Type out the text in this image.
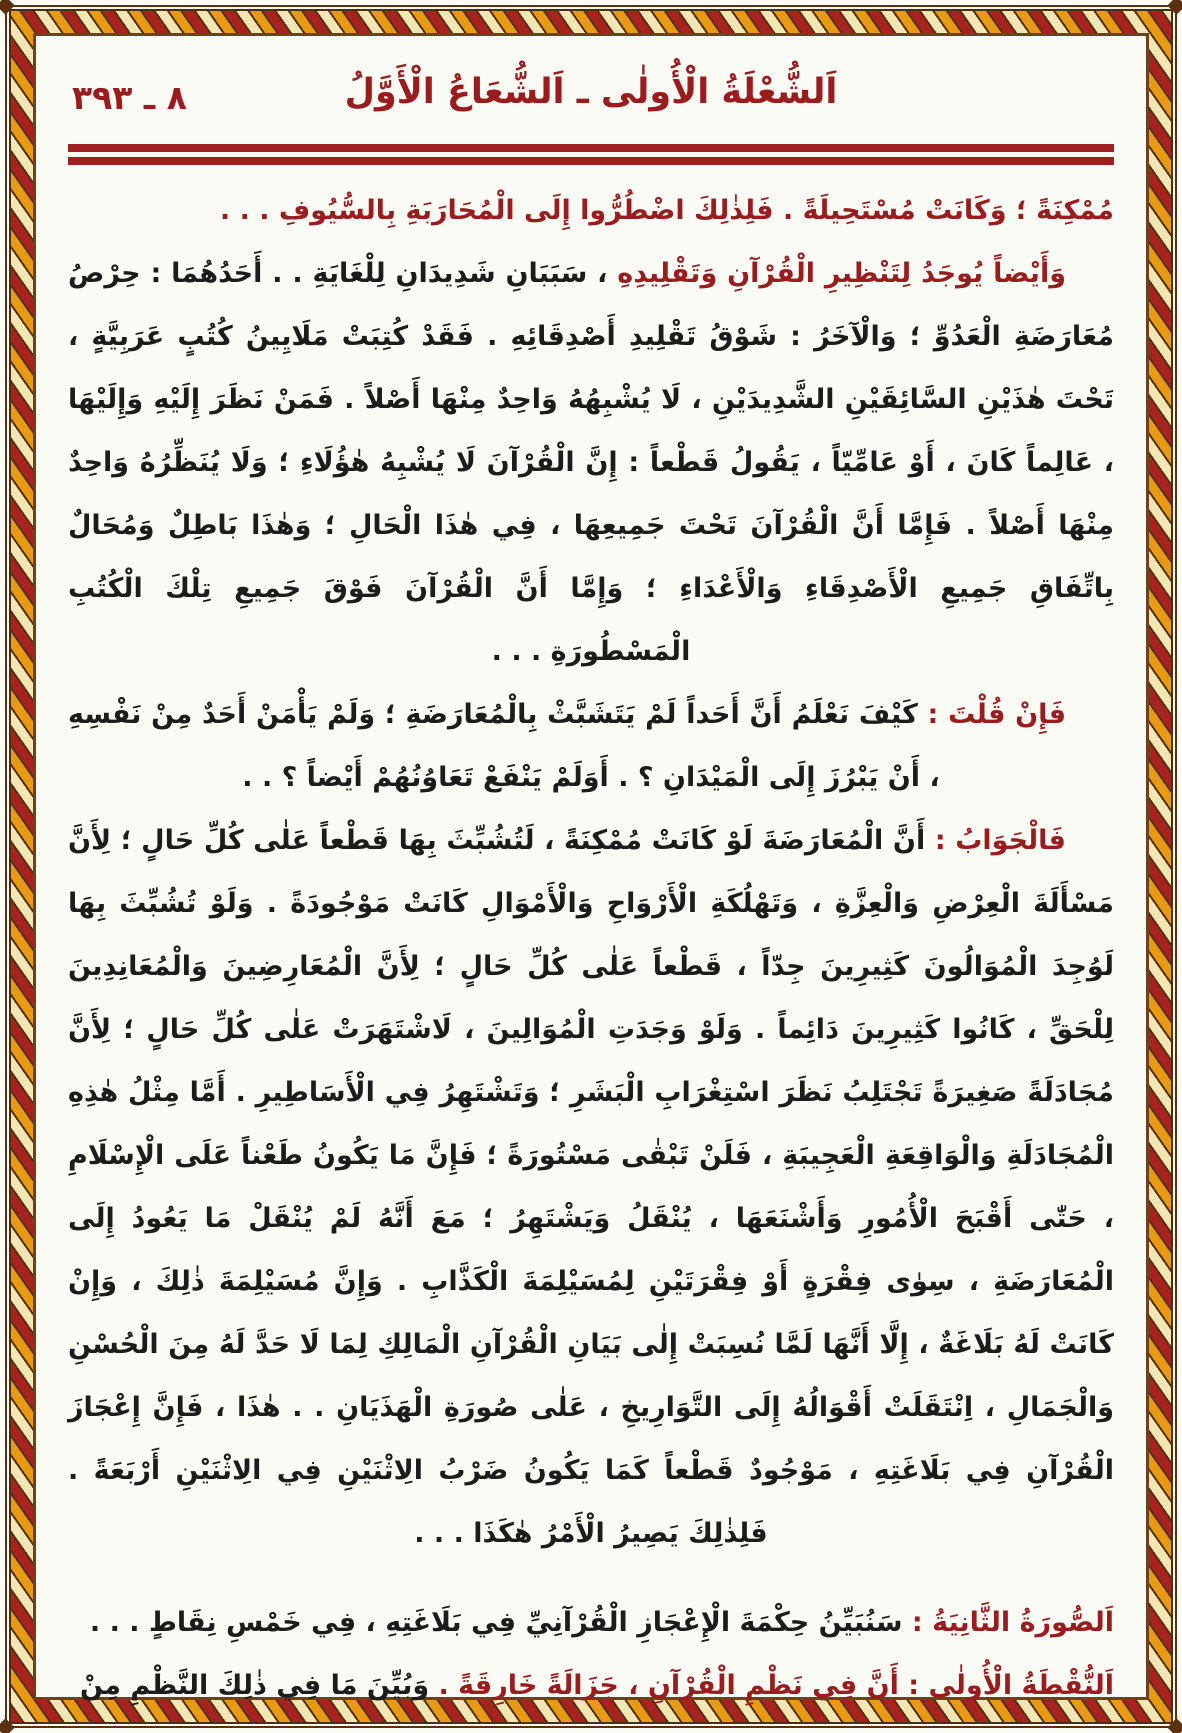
٨ ـ ٣٩٣	اَلشُّعْلَةُ الْأُولٰى ـ اَلشُّعَاعُ الْأَوَّلُ

مُمْكِنَةً ؛ وَكَانَتْ مُسْتَحِيلَةً . فَلِذٰلِكَ اضْطُرُّوا إِلَى الْمُحَارَبَةِ بِالسُّيُوفِ . . .

وَأَيْضاً يُوجَدُ لِتَنْظِيرِ الْقُرْآنِ وَتَقْلِيدِهِ ، سَبَبَانِ شَدِيدَانِ لِلْغَايَةِ . . أَحَدُهُمَا : حِرْصُ مُعَارَضَةِ الْعَدُوِّ ؛ وَالْآخَرُ : شَوْقُ تَقْلِيدِ أَصْدِقَائِهِ . فَقَدْ كُتِبَتْ مَلَايِينُ كُتُبٍ عَرَبِيَّةٍ ، تَحْتَ هٰذَيْنِ السَّائِقَيْنِ الشَّدِيدَيْنِ ، لَا يُشْبِهُهُ وَاحِدٌ مِنْهَا أَصْلاً . فَمَنْ نَظَرَ إِلَيْهِ وَإِلَيْهَا ، عَالِماً كَانَ ، أَوْ عَامِّيّاً ، يَقُولُ قَطْعاً : إِنَّ الْقُرْآنَ لَا يُشْبِهُ هٰؤُلَاءِ ؛ وَلَا يُنَظِّرُهُ وَاحِدٌ مِنْهَا أَصْلاً . فَإِمَّا أَنَّ الْقُرْآنَ تَحْتَ جَمِيعِهَا ، فِي هٰذَا الْحَالِ ؛ وَهٰذَا بَاطِلٌ وَمُحَالٌ بِاتِّفَاقِ جَمِيعِ الْأَصْدِقَاءِ وَالْأَعْدَاءِ ؛ وَإِمَّا أَنَّ الْقُرْآنَ فَوْقَ جَمِيعِ تِلْكَ الْكُتُبِ الْمَسْطُورَةِ . . .

فَإِنْ قُلْتَ : كَيْفَ نَعْلَمُ أَنَّ أَحَداً لَمْ يَتَشَبَّثْ بِالْمُعَارَضَةِ ؛ وَلَمْ يَأْمَنْ أَحَدٌ مِنْ نَفْسِهِ ، أَنْ يَبْرُزَ إِلَى الْمَيْدَانِ ؟ . أَوَلَمْ يَنْفَعْ تَعَاوُنُهُمْ أَيْضاً ؟ . .

فَالْجَوَابُ : أَنَّ الْمُعَارَضَةَ لَوْ كَانَتْ مُمْكِنَةً ، لَتُشُبِّثَ بِهَا قَطْعاً عَلٰى كُلِّ حَالٍ ؛ لِأَنَّ مَسْأَلَةَ الْعِرْضِ وَالْعِزَّةِ ، وَتَهْلُكَةِ الْأَرْوَاحِ وَالْأَمْوَالِ كَانَتْ مَوْجُودَةً . وَلَوْ تُشُبِّثَ بِهَا لَوُجِدَ الْمُوَالُونَ كَثِيرِينَ جِدّاً ، قَطْعاً عَلٰى كُلِّ حَالٍ ؛ لِأَنَّ الْمُعَارِضِينَ وَالْمُعَانِدِينَ لِلْحَقِّ ، كَانُوا كَثِيرِينَ دَائِماً . وَلَوْ وَجَدَتِ الْمُوَالِينَ ، لَاشْتَهَرَتْ عَلٰى كُلِّ حَالٍ ؛ لِأَنَّ مُجَادَلَةً صَغِيرَةً تَجْتَلِبُ نَظَرَ اسْتِغْرَابِ الْبَشَرِ ؛ وَتَشْتَهِرُ فِي الْأَسَاطِيرِ . أَمَّا مِثْلُ هٰذِهِ الْمُجَادَلَةِ وَالْوَاقِعَةِ الْعَجِيبَةِ ، فَلَنْ تَبْقٰى مَسْتُورَةً ؛ فَإِنَّ مَا يَكُونُ طَعْناً عَلَى الْإِسْلَامِ ، حَتّٰى أَقْبَحَ الْأُمُورِ وَأَشْنَعَهَا ، يُنْقَلُ وَيَشْتَهِرُ ؛ مَعَ أَنَّهُ لَمْ يُنْقَلْ مَا يَعُودُ إِلَى الْمُعَارَضَةِ ، سِوٰى فِقْرَةٍ أَوْ فِقْرَتَيْنِ لِمُسَيْلِمَةَ الْكَذَّابِ . وَإِنَّ مُسَيْلِمَةَ ذٰلِكَ ، وَإِنْ كَانَتْ لَهُ بَلَاغَةٌ ، إِلَّا أَنَّهَا لَمَّا نُسِبَتْ إِلٰى بَيَانِ الْقُرْآنِ الْمَالِكِ لِمَا لَا حَدَّ لَهُ مِنَ الْحُسْنِ وَالْجَمَالِ ، اِنْتَقَلَتْ أَقْوَالُهُ إِلَى التَّوَارِيخِ ، عَلٰى صُورَةِ الْهَذَيَانِ . . هٰذَا ، فَإِنَّ إِعْجَازَ الْقُرْآنِ فِي بَلَاغَتِهِ ، مَوْجُودٌ قَطْعاً كَمَا يَكُونُ ضَرْبُ الِاثْنَيْنِ فِي الِاثْنَيْنِ أَرْبَعَةً . فَلِذٰلِكَ يَصِيرُ الْأَمْرُ هٰكَذَا . . .

اَلصُّورَةُ الثَّانِيَةُ : سَنُبَيِّنُ حِكْمَةَ الْإِعْجَازِ الْقُرْآنِيِّ فِي بَلَاغَتِهِ ، فِي خَمْسِ نِقَاطٍ . . .

اَلنُّقْطَةُ الْأُولٰى : أَنَّ فِي نَظْمِ الْقُرْآنِ ، جَزَالَةً خَارِقَةً . وَبُيِّنَ مَا فِي ذٰلِكَ النَّظْمِ مِنْ
